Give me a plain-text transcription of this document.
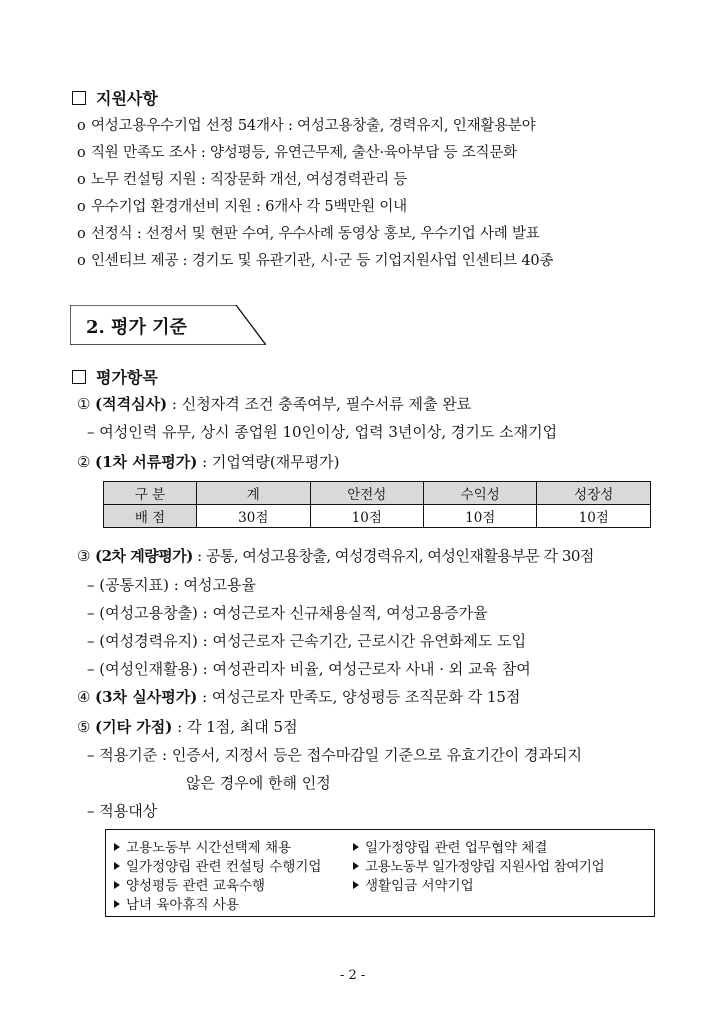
지원사항
o 여성고용우수기업 선정 54개사 : 여성고용창출, 경력유지, 인재활용분야
o 직원 만족도 조사 : 양성평등, 유연근무제, 출산·육아부담 등 조직문화
o 노무 컨설팅 지원 : 직장문화 개선, 여성경력관리 등
o 우수기업 환경개선비 지원 : 6개사 각 5백만원 이내
o 선정식 : 선정서 및 현판 수여, 우수사례 동영상 홍보, 우수기업 사례 발표
o 인센티브 제공 : 경기도 및 유관기관, 시·군 등 기업지원사업 인센티브 40종
2. 평가 기준
평가항목
① (적격심사) : 신청자격 조건 충족여부, 필수서류 제출 완료
– 여성인력 유무, 상시 종업원 10인이상, 업력 3년이상, 경기도 소재기업
② (1차 서류평가) : 기업역량(재무평가)
구 분	계	안전성	수익성	성장성
배 점	30점	10점	10점	10점
③ (2차 계량평가) : 공통, 여성고용창출, 여성경력유지, 여성인재활용부문 각 30점
– (공통지표) : 여성고용율
– (여성고용창출) : 여성근로자 신규채용실적, 여성고용증가율
– (여성경력유지) : 여성근로자 근속기간, 근로시간 유연화제도 도입
– (여성인재활용) : 여성관리자 비율, 여성근로자 사내 · 외 교육 참여
④ (3차 실사평가) : 여성근로자 만족도, 양성평등 조직문화 각 15점
⑤ (기타 가점) : 각 1점, 최대 5점
– 적용기준 : 인증서, 지정서 등은 접수마감일 기준으로 유효기간이 경과되지
않은 경우에 한해 인정
– 적용대상
고용노동부 시간선택제 채용
일가정양립 관련 컨설팅 수행기업
양성평등 관련 교육수행
남녀 육아휴직 사용
일가정양립 관련 업무협약 체결
고용노동부 일가정양립 지원사업 참여기업
생활임금 서약기업
- 2 -
